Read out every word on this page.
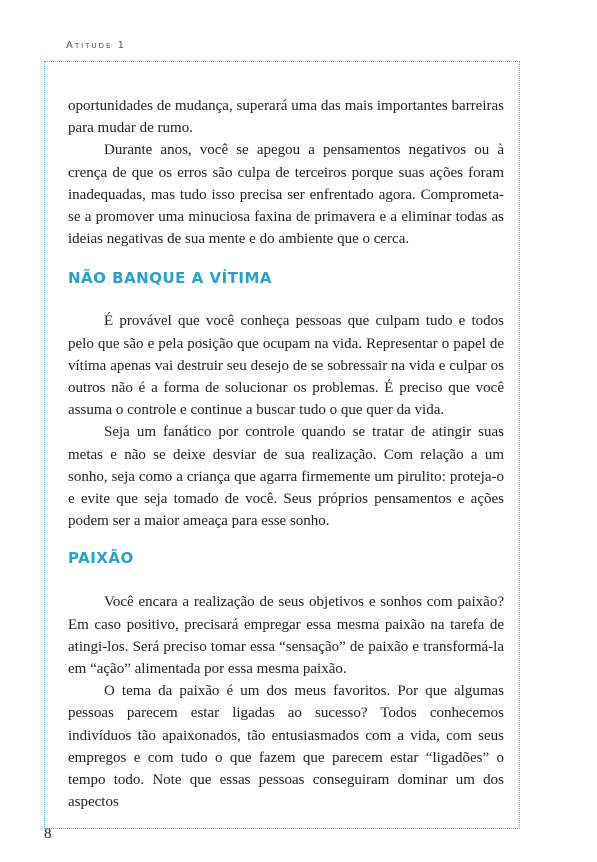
Atitude 1

oportunidades de mudança, superará uma das mais importantes barreiras para mudar de rumo.

Durante anos, você se apegou a pensamentos negativos ou à crença de que os erros são culpa de terceiros porque suas ações foram inadequadas, mas tudo isso precisa ser enfrentado agora. Comprometa-se a promover uma minuciosa faxina de primavera e a eliminar todas as ideias negativas de sua mente e do ambiente que o cerca.

NÃO BANQUE A VÍTIMA

É provável que você conheça pessoas que culpam tudo e todos pelo que são e pela posição que ocupam na vida. Representar o papel de vítima apenas vai destruir seu desejo de se sobressair na vida e culpar os outros não é a forma de solucionar os problemas. É preciso que você assuma o controle e continue a buscar tudo o que quer da vida.

Seja um fanático por controle quando se tratar de atingir suas metas e não se deixe desviar de sua realização. Com relação a um sonho, seja como a criança que agarra firmemente um pirulito: proteja-o e evite que seja tomado de você. Seus próprios pensamentos e ações podem ser a maior ameaça para esse sonho.

PAIXÃO

Você encara a realização de seus objetivos e sonhos com paixão? Em caso positivo, precisará empregar essa mesma paixão na tarefa de atingi-los. Será preciso tomar essa “sensação” de paixão e transformá-la em “ação” alimentada por essa mesma paixão.

O tema da paixão é um dos meus favoritos. Por que algumas pessoas parecem estar ligadas ao sucesso? Todos conhecemos indivíduos tão apaixonados, tão entusiasmados com a vida, com seus empregos e com tudo o que fazem que parecem estar “ligadões” o tempo todo. Note que essas pessoas conseguiram dominar um dos aspectos

8
